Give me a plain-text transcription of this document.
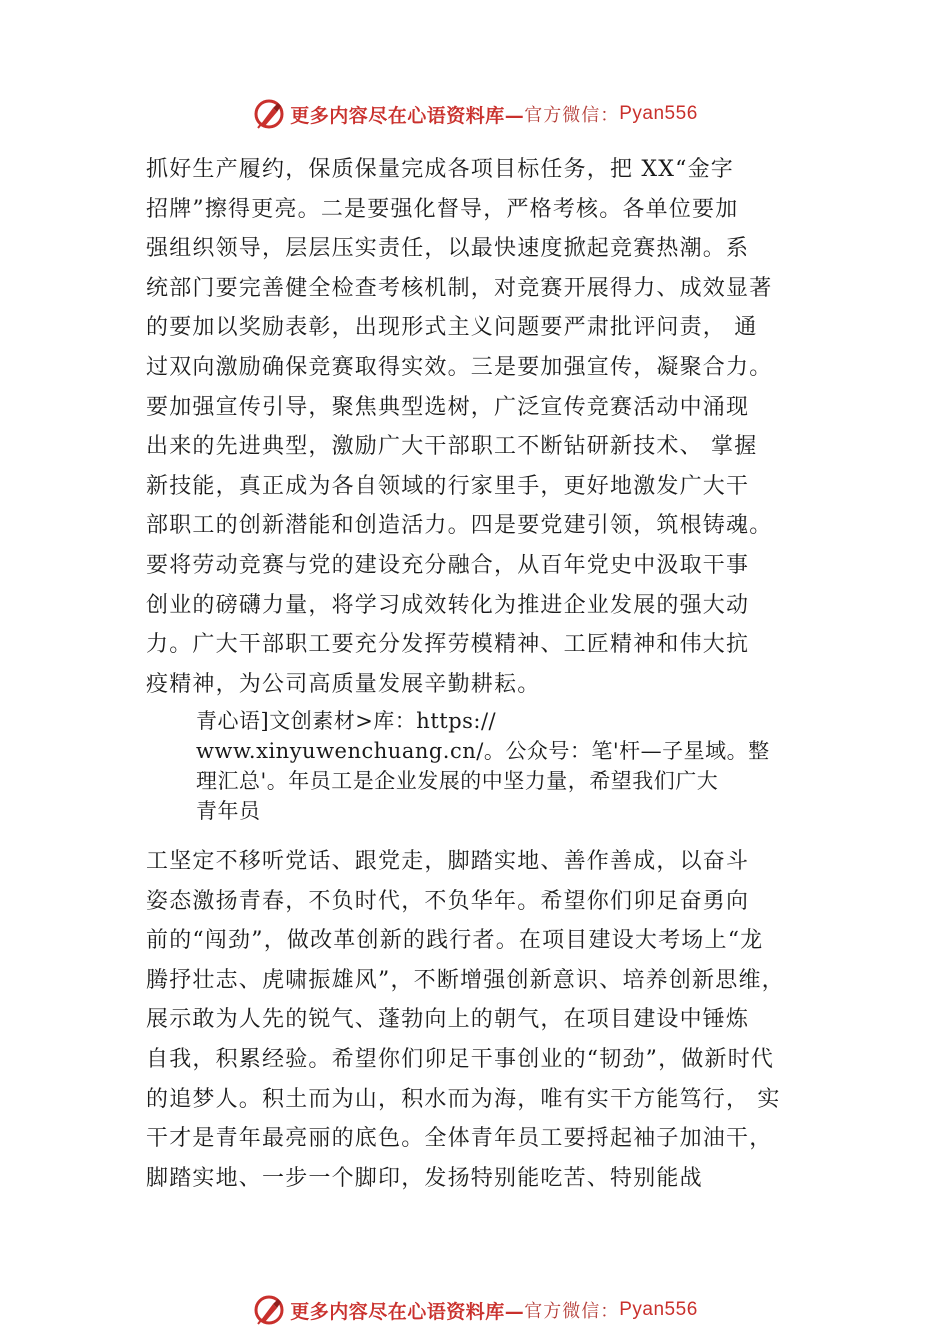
更多内容尽在心语资料库— 官方微信： Pyan556
抓好生产履约，保质保量完成各项目标任务，把 XX“金字
招牌”擦得更亮。二是要强化督导，严格考核。各单位要加
强组织领导，层层压实责任，以最快速度掀起竞赛热潮。系
统部门要完善健全检查考核机制，对竞赛开展得力、成效显著
的要加以奖励表彰，出现形式主义问题要严肃批评问责， 通
过双向激励确保竞赛取得实效。三是要加强宣传，凝聚合力。
要加强宣传引导，聚焦典型选树，广泛宣传竞赛活动中涌现
出来的先进典型，激励广大干部职工不断钻研新技术、 掌握
新技能，真正成为各自领域的行家里手，更好地激发广大干
部职工的创新潜能和创造活力。四是要党建引领，筑根铸魂。
要将劳动竞赛与党的建设充分融合，从百年党史中汲取干事
创业的磅礴力量，将学习成效转化为推进企业发展的强大动
力。广大干部职工要充分发挥劳模精神、工匠精神和伟大抗
疫精神，为公司高质量发展辛勤耕耘。
青心语]文创素材>库：https://
www.xinyuwenchuang.cn/。公众号：笔'杆—子星域。整
理汇总'。年员工是企业发展的中坚力量，希望我们广大
青年员
工坚定不移听党话、跟党走，脚踏实地、善作善成，以奋斗
姿态激扬青春，不负时代，不负华年。希望你们卯足奋勇向
前的“闯劲”，做改革创新的践行者。在项目建设大考场上“龙
腾抒壮志、虎啸振雄风”，不断增强创新意识、培养创新思维，
展示敢为人先的锐气、蓬勃向上的朝气，在项目建设中锤炼
自我，积累经验。希望你们卯足干事创业的“韧劲”，做新时代
的追梦人。积土而为山，积水而为海，唯有实干方能笃行， 实
干才是青年最亮丽的底色。全体青年员工要捋起袖子加油干，
脚踏实地、一步一个脚印，发扬特别能吃苦、特别能战
更多内容尽在心语资料库— 官方微信： Pyan556
